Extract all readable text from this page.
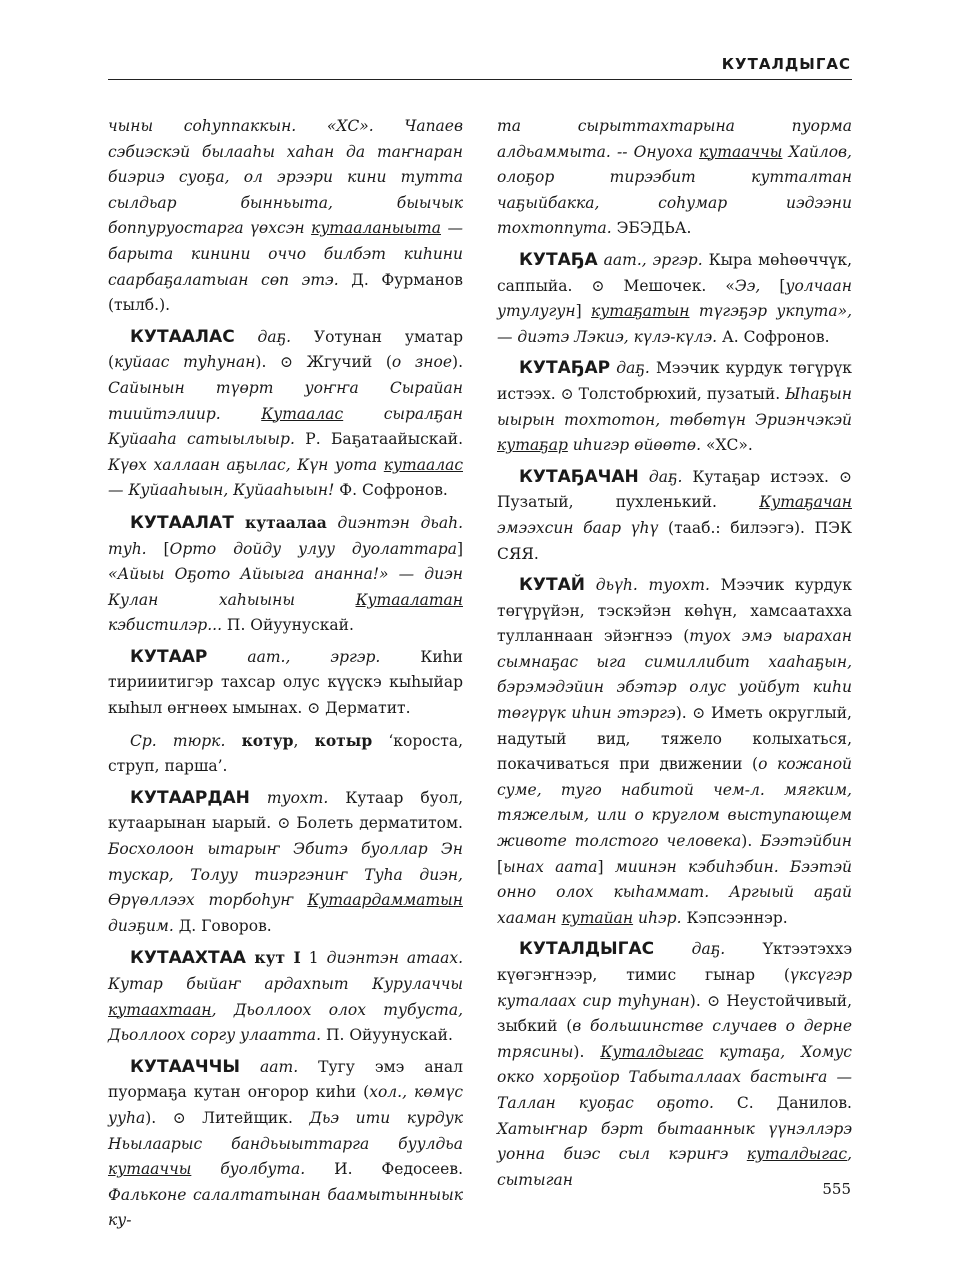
КУТАЛДЫГАС

чыны соһуппаккын. «ХС». Чапаев сэбиэскэй былааһы хаһан да таҥнаран биэриэ суоҕа, ол эрээри кини тутта сылдьар бынньыта, быычык боппуруостарга үөхсэн кутааланыыта — барыта кинини оччо билбэт киһини саарбаҕалатыан сөп этэ. Д. Фурманов (тылб.).

КУТААЛАС даҕ. Уотунан уматар (куйаас туһунан). ⊙ Жгучий (о зное). Сайынын түөрт уоҥҥа Сырайан тиийтэлиир. Кутаалас сыралҕан Куйааһа сатыылыыр. Р. Баҕатаайыскай. Күөх халлаан аҕылас, Күн уота кутаалас — Куйааһыын, Куйааһыын! Ф. Софронов.

КУТААЛАТ кутаалаа диэнтэн дьаһ. туһ. [Орто дойду улуу дуолаттара] «Айыы Оҕото Айыыга ананна!» — диэн Кулан хаһыыны Кутаалатан кэбистилэр... П. Ойуунускай.

КУТААР аат., эргэр. Киһи тирииитигэр тахсар олус күүскэ кыһыйар кыһыл өҥнөөх ымынах. ⊙ Дерматит.

Ср. тюрк. котур, котыр ‘короста, струп, парша’.

КУТААРДАН туохт. Кутаар буол, кутаарынан ыарый. ⊙ Болеть дерматитом. Босхолоон ытарыҥ Эбитэ буоллар Эн тускар, Толуу тиэргэниҥ Туһа диэн, Өрүөллээх торбоһуҥ Кутаардамматын диэҕим. Д. Говоров.

КУТААХТАА кут I 1 диэнтэн атаах. Кутар быйаҥ ардахпыт Курулаччы кутаахтаан, Дьоллоох олох тубуста, Дьоллоох соргу улаатта. П. Ойуунускай.

КУТААЧЧЫ аат. Тугу эмэ анал пуормаҕа кутан оҥорор киһи (хол., көмүс ууһа). ⊙ Литейщик. Дьэ ити курдук Ньылаарыс бандьыыттарга буулдьа кутааччы буолбута. И. Федосеев. Фальконе салалтатынан баамытынныык ку-

та сырыттахтарына пуорма алдьаммыта. -- Онуоха кутааччы Хайлов, олоҕор тирээбит кутталтан чаҕыйбакка, соһумар иэдээни тохтоппута. ЭБЭДЬА.

КУТАҔА аат., эргэр. Кыра мөһөөччүк, саппыйа. ⊙ Мешочек. «Ээ, [уолчаан утулугун] кутаҕатын түгэҕэр укпута», — диэтэ Лэкиэ, күлэ-күлэ. А. Софронов.

КУТАҔАР даҕ. Мээчик курдук төгүрүк истээх. ⊙ Толстобрюхий, пузатый. Ыһаҕын ыырын тохтотон, төбөтүн Эриэнчэкэй кутаҕар иһигэр өйөөтө. «ХС».

КУТАҔАЧАН даҕ. Кутаҕар истээх. ⊙ Пузатый, пухленький. Кутаҕачан эмээхсин баар үһү (тааб.: билээгэ). ПЭК СЯЯ.

КУТАЙ дьүһ. туохт. Мээчик курдук төгүрүйэн, тэскэйэн көһүн, хамсаатахха тулланнаан эйэҥнээ (туох эмэ ыарахан сымнаҕас ыга симиллибит хааһаҕын, бэрэмэдэйин эбэтэр олус уойбут киһи төгүрүк иһин этэргэ). ⊙ Иметь округлый, надутый вид, тяжело колыхаться, покачиваться при движении (о кожаной суме, туго набитой чем-л. мягким, тяжелым, или о круглом выступающем животе толстого человека). Бээтэйбин [ынах аата] миинэн кэбиһэбин. Бээтэй онно олох кыһаммат. Аргыый аҕай хааман кутайан иһэр. Кэпсээннэр.

КУТАЛДЫГАС даҕ. Үктээтэххэ күөгэҥнээр, тимис гынар (үксүгэр куталаах сир туһунан). ⊙ Неустойчивый, зыбкий (в большинстве случаев о дерне трясины). Куталдыгас кутаҕа, Хомус окко хорҕойор Табыталлаах бастыҥа — Таллан куоҕас оҕото. С. Данилов. Хатыҥнар бэрт бытааннык үүнэллэрэ уонна биэс сыл кэриҥэ куталдыгас, сытыган

555
